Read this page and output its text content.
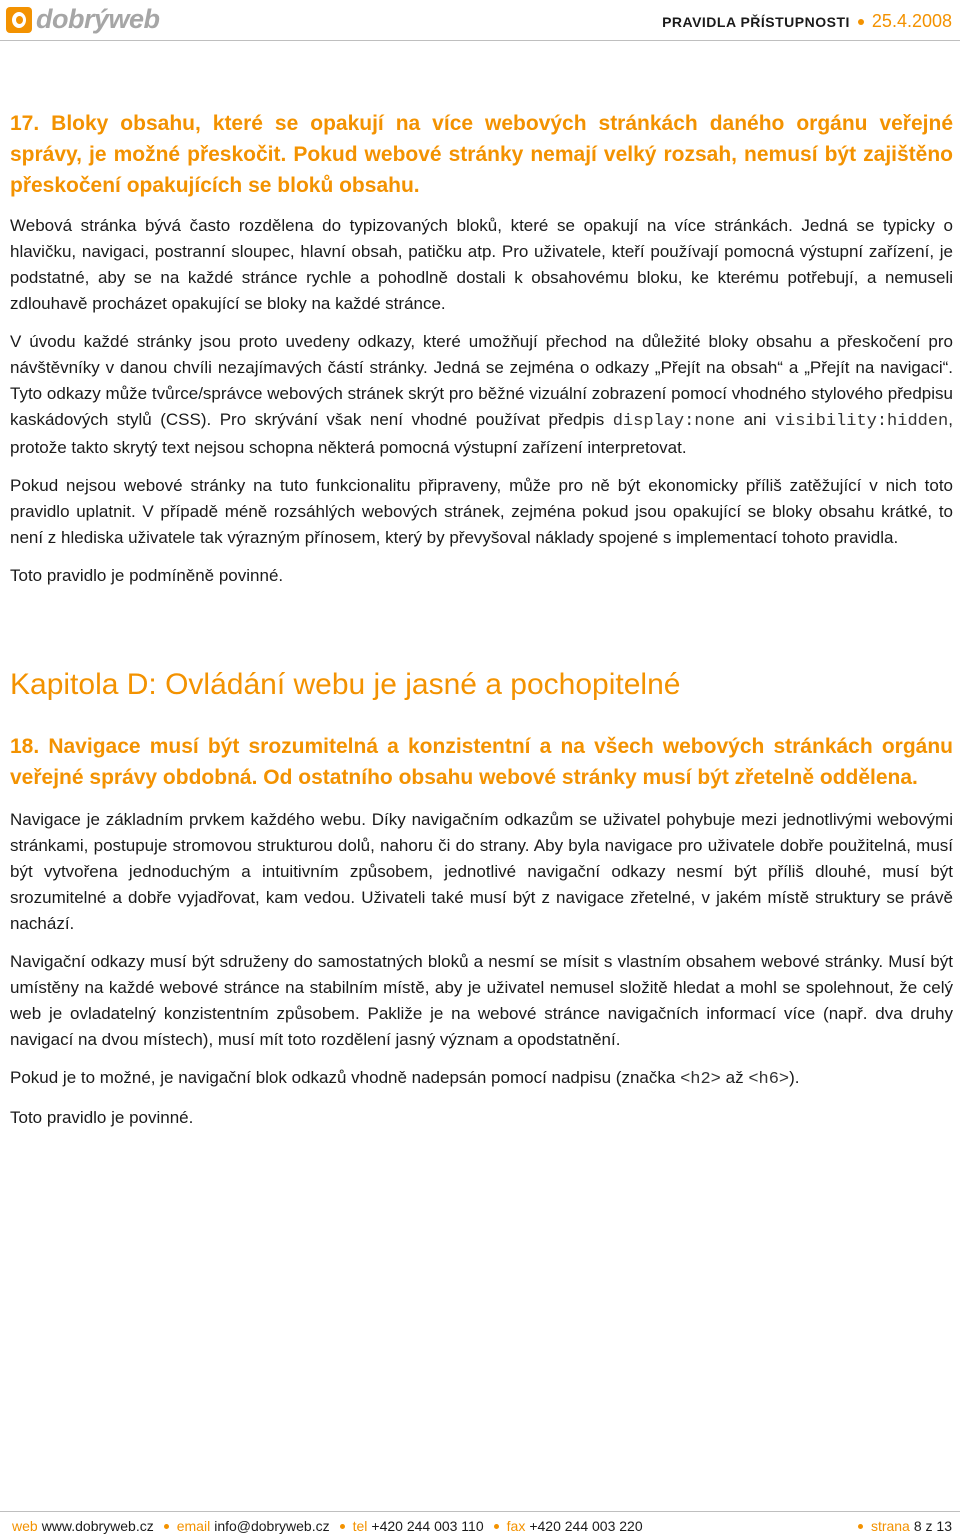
dobrýweb	PRAVIDLA PŘÍSTUPNOSTI 25.4.2008
17. Bloky obsahu, které se opakují na více webových stránkách daného orgánu veřejné správy, je možné přeskočit. Pokud webové stránky nemají velký rozsah, nemusí být zajištěno přeskočení opakujících se bloků obsahu.

Webová stránka bývá často rozdělena do typizovaných bloků, které se opakují na více stránkách. Jedná se typicky o hlavičku, navigaci, postranní sloupec, hlavní obsah, patičku atp. Pro uživatele, kteří používají pomocná výstupní zařízení, je podstatné, aby se na každé stránce rychle a pohodlně dostali k obsahovému bloku, ke kterému potřebují, a nemuseli zdlouhavě procházet opakující se bloky na každé stránce.

V úvodu každé stránky jsou proto uvedeny odkazy, které umožňují přechod na důležité bloky obsahu a přeskočení pro návštěvníky v danou chvíli nezajímavých částí stránky. Jedná se zejména o odkazy „Přejít na obsah“ a „Přejít na navigaci“. Tyto odkazy může tvůrce/správce webových stránek skrýt pro běžné vizuální zobrazení pomocí vhodného stylového předpisu kaskádových stylů (CSS). Pro skrývání však není vhodné používat předpis display:none ani visibility:hidden, protože takto skrytý text nejsou schopna některá pomocná výstupní zařízení interpretovat.

Pokud nejsou webové stránky na tuto funkcionalitu připraveny, může pro ně být ekonomicky příliš zatěžující v nich toto pravidlo uplatnit. V případě méně rozsáhlých webových stránek, zejména pokud jsou opakující se bloky obsahu krátké, to není z hlediska uživatele tak výrazným přínosem, který by převyšoval náklady spojené s implementací tohoto pravidla.

Toto pravidlo je podmíněně povinné.

Kapitola D: Ovládání webu je jasné a pochopitelné
18. Navigace musí být srozumitelná a konzistentní a na všech webových stránkách orgánu veřejné správy obdobná. Od ostatního obsahu webové stránky musí být zřetelně oddělena.

Navigace je základním prvkem každého webu. Díky navigačním odkazům se uživatel pohybuje mezi jednotlivými webovými stránkami, postupuje stromovou strukturou dolů, nahoru či do strany. Aby byla navigace pro uživatele dobře použitelná, musí být vytvořena jednoduchým a intuitivním způsobem, jednotlivé navigační odkazy nesmí být příliš dlouhé, musí být srozumitelné a dobře vyjadřovat, kam vedou. Uživateli také musí být z navigace zřetelné, v jakém místě struktury se právě nachází.

Navigační odkazy musí být sdruženy do samostatných bloků a nesmí se mísit s vlastním obsahem webové stránky. Musí být umístěny na každé webové stránce na stabilním místě, aby je uživatel nemusel složitě hledat a mohl se spolehnout, že celý web je ovladatelný konzistentním způsobem. Pakliže je na webové stránce navigačních informací více (např. dva druhy navigací na dvou místech), musí mít toto rozdělení jasný význam a opodstatnění.

Pokud je to možné, je navigační blok odkazů vhodně nadepsán pomocí nadpisu (značka <h2> až <h6>).

Toto pravidlo je povinné.

web www.dobryweb.cz email info@dobryweb.cz tel +420 244 003 110 fax +420 244 003 220	strana 8 z 13
